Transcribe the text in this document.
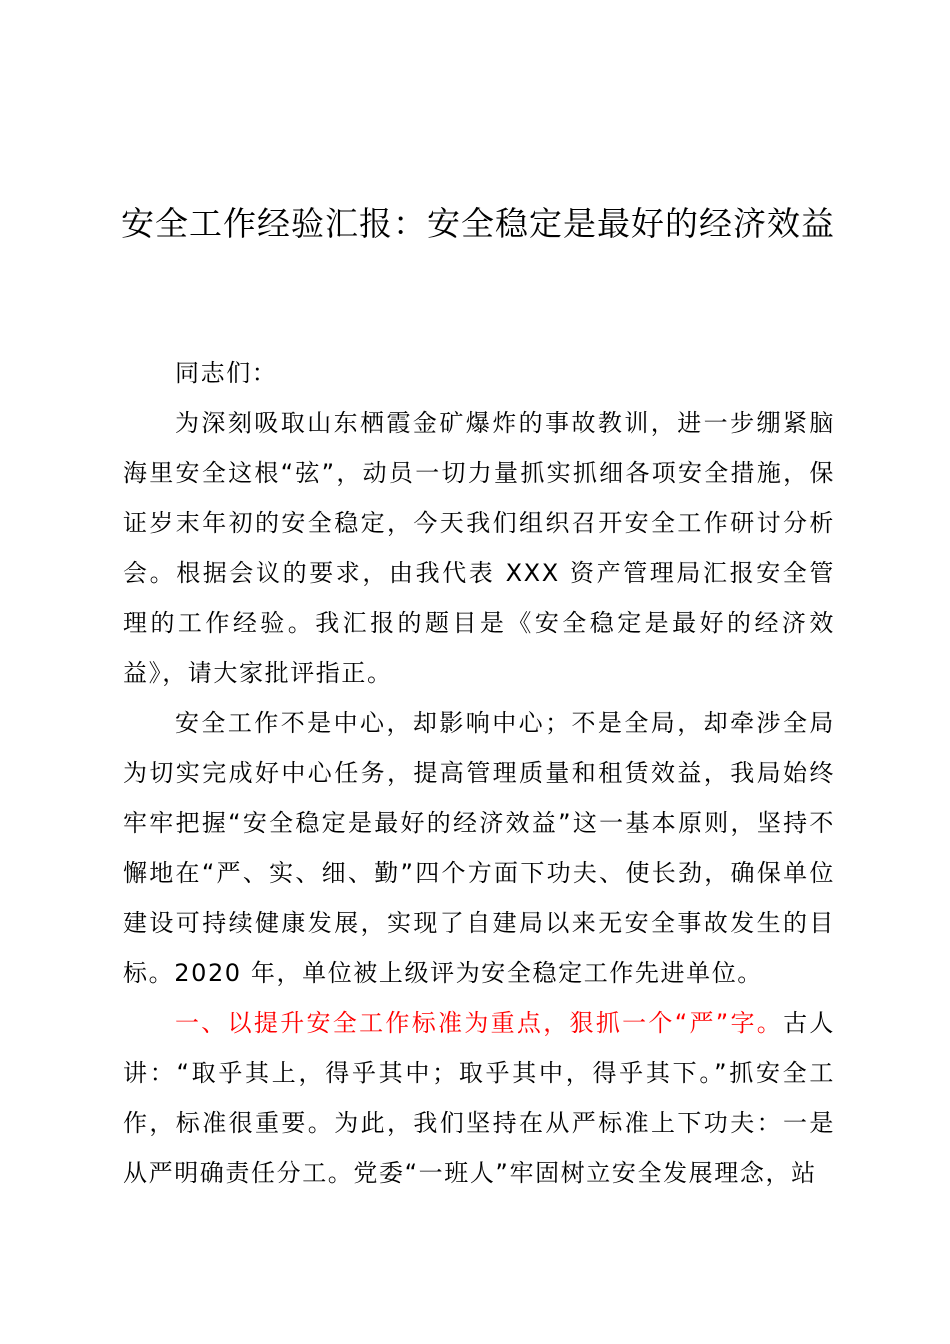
安全工作经验汇报：安全稳定是最好的经济效益

同志们：

为深刻吸取山东栖霞金矿爆炸的事故教训，进一步绷紧脑海里安全这根“弦”，动员一切力量抓实抓细各项安全措施，保证岁末年初的安全稳定，今天我们组织召开安全工作研讨分析会。根据会议的要求，由我代表 XXX 资产管理局汇报安全管理的工作经验。我汇报的题目是《安全稳定是最好的经济效益》，请大家批评指正。

安全工作不是中心，却影响中心；不是全局，却牵涉全局为切实完成好中心任务，提高管理质量和租赁效益，我局始终牢牢把握“安全稳定是最好的经济效益”这一基本原则，坚持不懈地在“严、实、细、勤”四个方面下功夫、使长劲，确保单位建设可持续健康发展，实现了自建局以来无安全事故发生的目标。2020 年，单位被上级评为安全稳定工作先进单位。

一、以提升安全工作标准为重点，狠抓一个“严”字。古人讲：“取乎其上，得乎其中；取乎其中，得乎其下。”抓安全工作，标准很重要。为此，我们坚持在从严标准上下功夫：一是从严明确责任分工。党委“一班人”牢固树立安全发展理念，站
